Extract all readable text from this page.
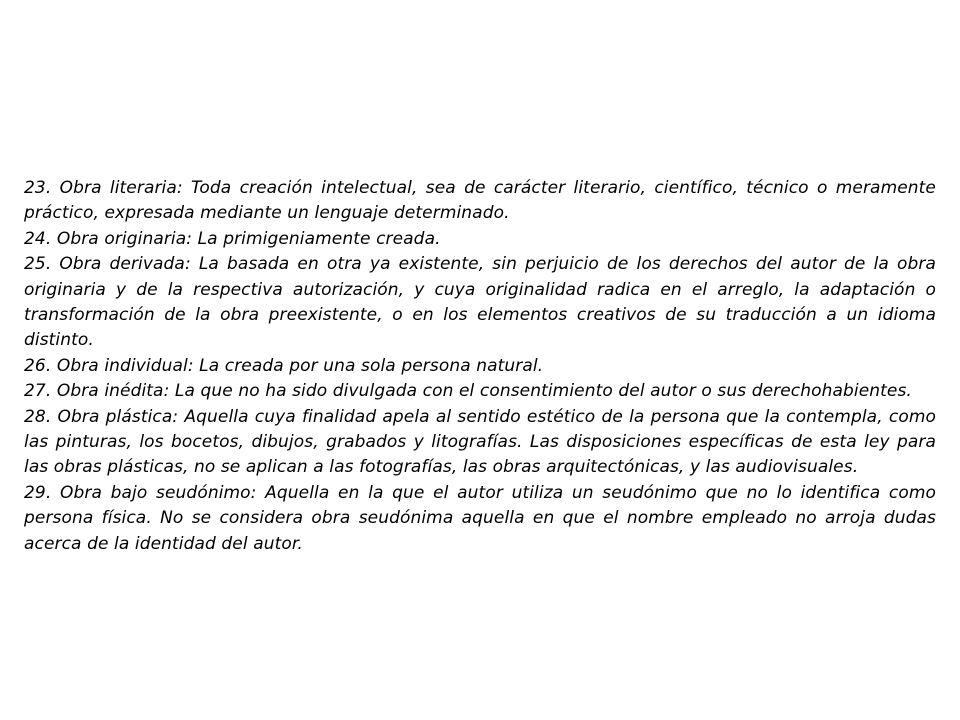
23. Obra literaria: Toda creación intelectual, sea de carácter literario, científico, técnico o meramente práctico, expresada mediante un lenguaje determinado.

24. Obra originaria: La primigeniamente creada.

25. Obra derivada: La basada en otra ya existente, sin perjuicio de los derechos del autor de la obra originaria y de la respectiva autorización, y cuya originalidad radica en el arreglo, la adaptación o transformación de la obra preexistente, o en los elementos creativos de su traducción a un idioma distinto.

26. Obra individual: La creada por una sola persona natural.

27. Obra inédita: La que no ha sido divulgada con el consentimiento del autor o sus derechohabientes.

28. Obra plástica: Aquella cuya finalidad apela al sentido estético de la persona que la contempla, como las pinturas, los bocetos, dibujos, grabados y litografías. Las disposiciones específicas de esta ley para las obras plásticas, no se aplican a las fotografías, las obras arquitectónicas, y las audiovisuales.

29. Obra bajo seudónimo: Aquella en la que el autor utiliza un seudónimo que no lo identifica como persona física. No se considera obra seudónima aquella en que el nombre empleado no arroja dudas acerca de la identidad del autor.
